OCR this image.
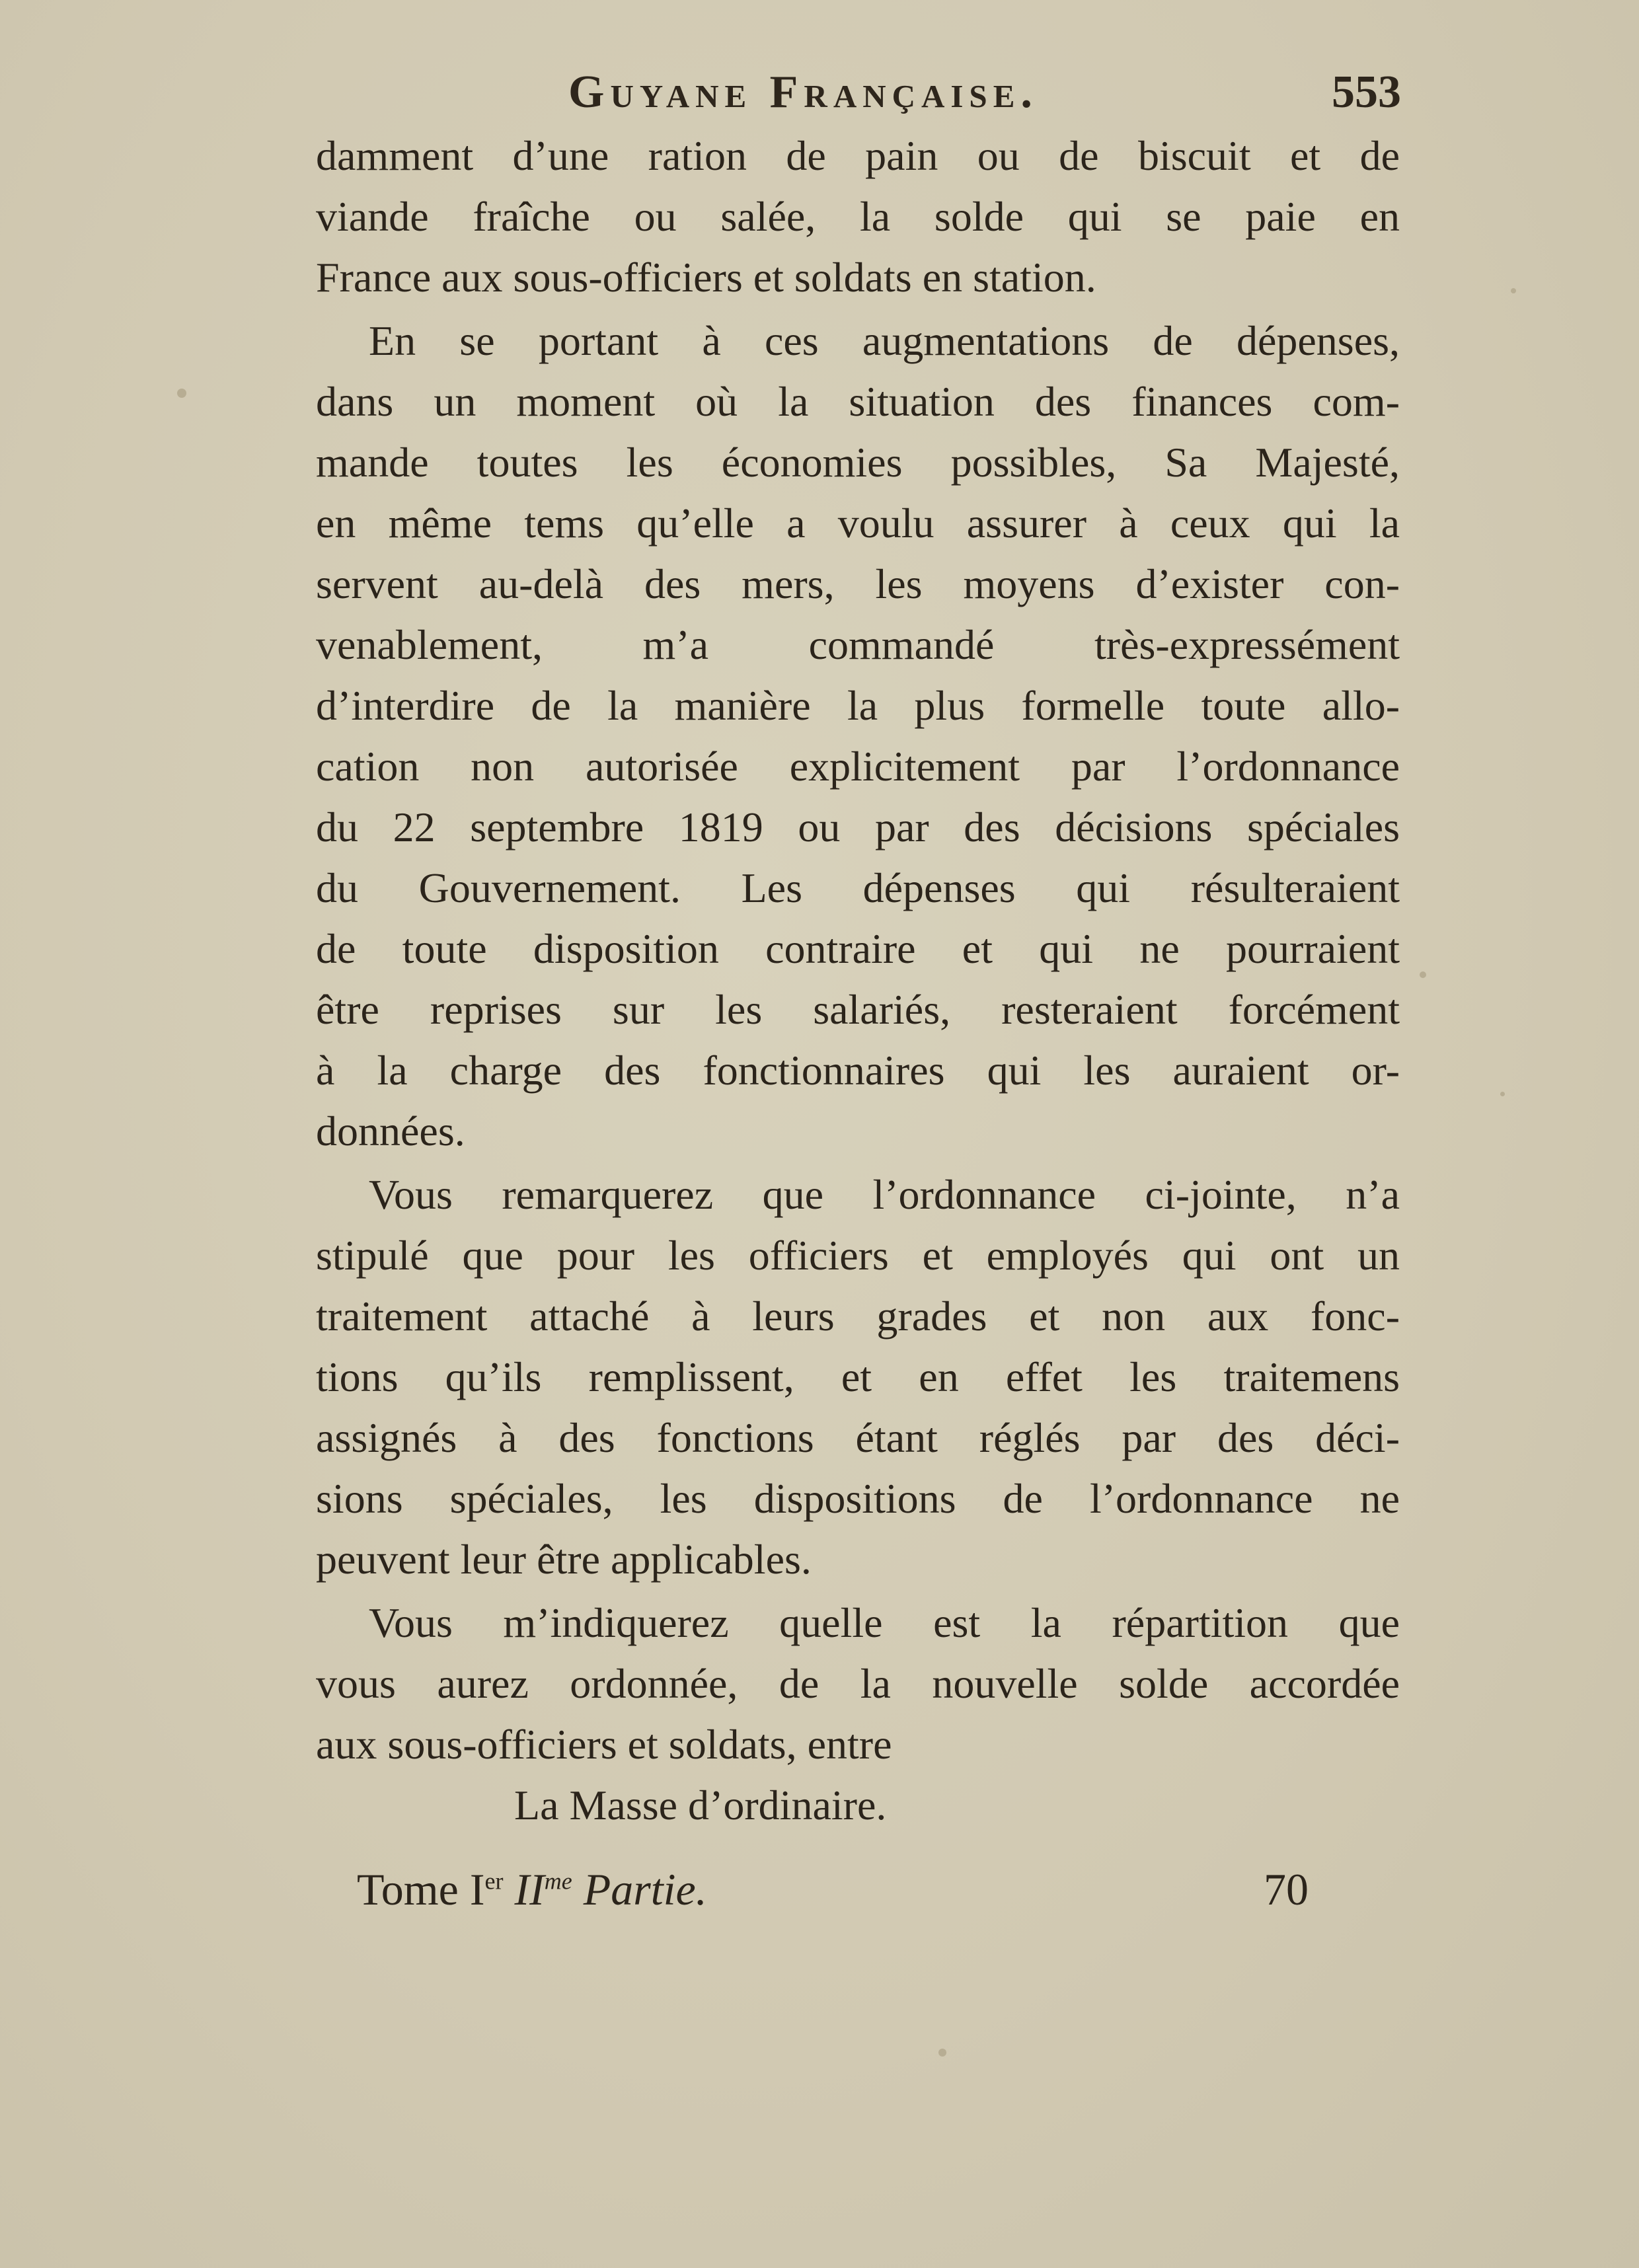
Guyane Française.	553
damment d’une ration de pain ou de biscuit et de
viande fraîche ou salée, la solde qui se paie en
France aux sous-officiers et soldats en station.
En se portant à ces augmentations de dépenses,
dans un moment où la situation des finances com-
mande toutes les économies possibles, Sa Majesté,
en même tems qu’elle a voulu assurer à ceux qui la
servent au-delà des mers, les moyens d’exister con-
venablement, m’a commandé très-expressément
d’interdire de la manière la plus formelle toute allo-
cation non autorisée explicitement par l’ordonnance
du 22 septembre 1819 ou par des décisions spéciales
du Gouvernement. Les dépenses qui résulteraient
de toute disposition contraire et qui ne pourraient
être reprises sur les salariés, resteraient forcément
à la charge des fonctionnaires qui les auraient or-
données.
Vous remarquerez que l’ordonnance ci-jointe, n’a
stipulé que pour les officiers et employés qui ont un
traitement attaché à leurs grades et non aux fonc-
tions qu’ils remplissent, et en effet les traitemens
assignés à des fonctions étant réglés par des déci-
sions spéciales, les dispositions de l’ordonnance ne
peuvent leur être applicables.
Vous m’indiquerez quelle est la répartition que
vous aurez ordonnée, de la nouvelle solde accordée
aux sous-officiers et soldats, entre
La Masse d’ordinaire.
Tome Ier $II^{me}$ Partie.	70
